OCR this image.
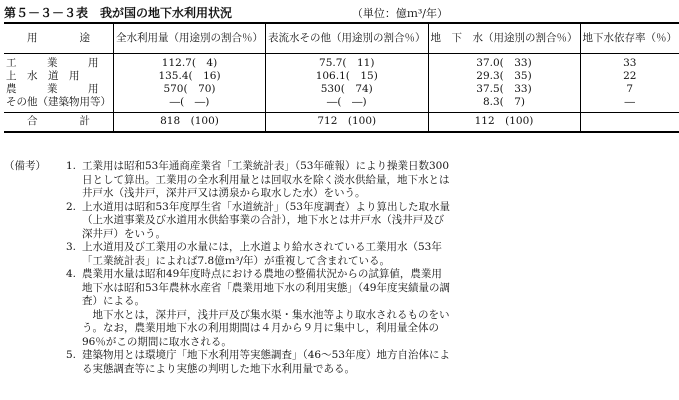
第５－３－３表　我が国の地下水利用状況	（単位：億ｍ³/年）
用　　　　途	全水利用量（用途別の割合％）	表流水その他（用途別の割合％）	地　下　水（用途別の割合％）	地下水依存率（％）
工　業　用	112.7(　4)	75.7(　11)	37.0(　33)	33
上　水　道　用	135.4(　16)	106.1(　15)	29.3(　35)	22
農　業　用	570(　70)	530(　74)	37.5(　33)	7
その他（建築物用等）	―(　―)	―(　―)	8.3(　7)	―
合　　　　計	818　(100)	712　(100)	112　(100)	
（備考） 1. 工業用は昭和53年通商産業省「工業統計表」（53年確報）により操業日数300日として算出。工業用の全水利用量とは回収水を除く淡水供給量，地下水とは井戸水（浅井戸，深井戸又は湧泉から取水した水）をいう。

2. 上水道用は昭和53年度厚生省「水道統計」（53年度調査）より算出した取水量（上水道事業及び水道用水供給事業の合計），地下水とは井戸水（浅井戸及び深井戸）をいう。

3. 上水道用及び工業用の水量には，上水道より給水されている工業用水（53年「工業統計表」によれば7.8億ｍ³/年）が重複して含まれている。

4. 農業用水量は昭和49年度時点における農地の整備状況からの試算値，農業用地下水は昭和53年農林水産省「農業用地下水の利用実態」（49年度実績量の調査）による。

地下水とは，深井戸，浅井戸及び集水渠・集水池等より取水されるものをいう。なお，農業用地下水の利用期間は４月から９月に集中し，利用量全体の96％がこの期間に取水される。

5. 建築物用とは環境庁「地下水利用等実態調査」（46～53年度）地方自治体による実態調査等により実態の判明した地下水利用量である。
